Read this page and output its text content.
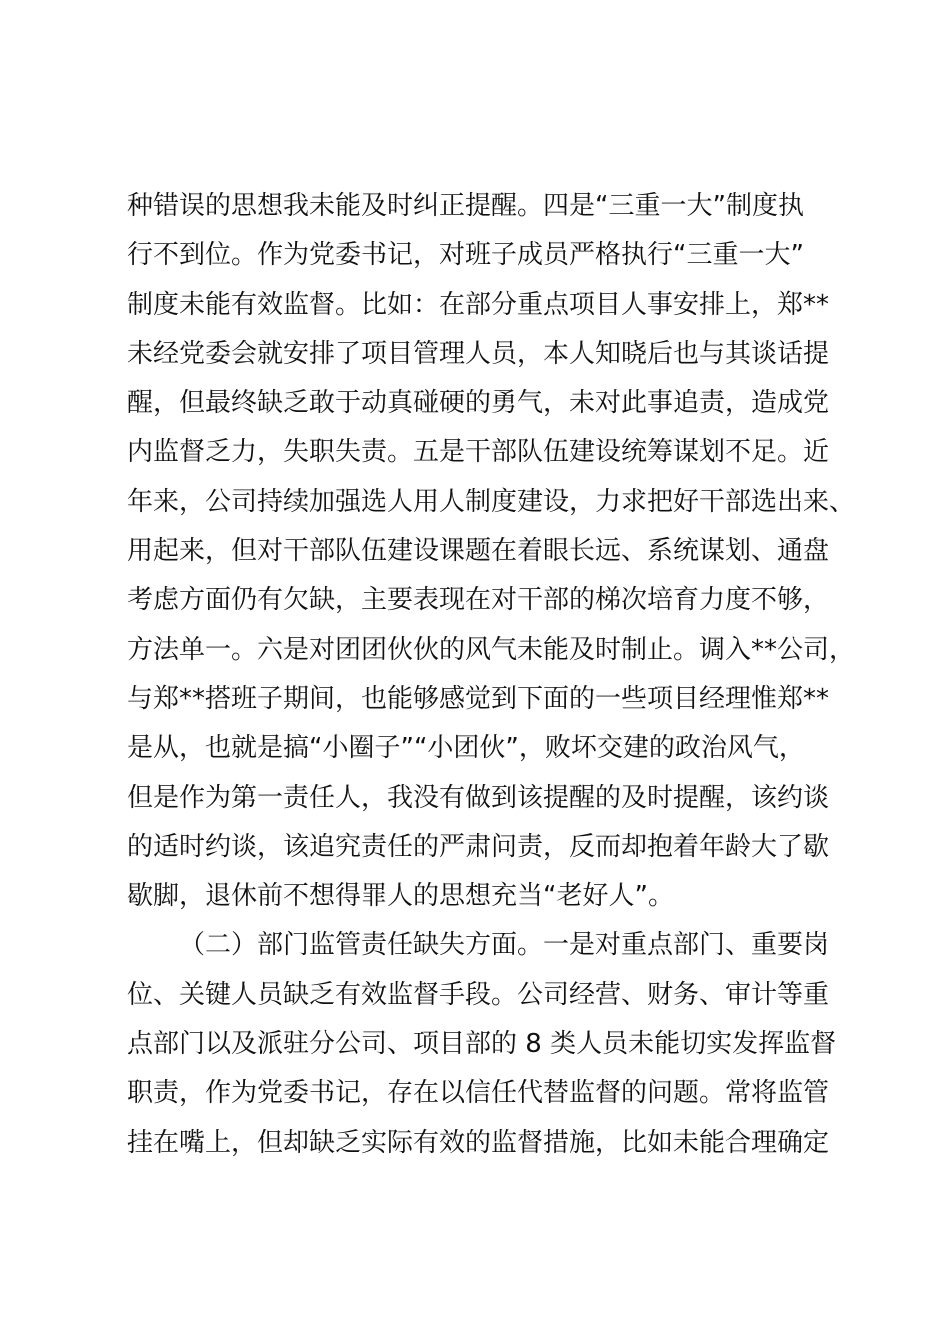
种错误的思想我未能及时纠正提醒。四是“三重一大”制度执
行不到位。作为党委书记，对班子成员严格执行“三重一大”
制度未能有效监督。比如：在部分重点项目人事安排上，郑**
未经党委会就安排了项目管理人员，本人知晓后也与其谈话提
醒，但最终缺乏敢于动真碰硬的勇气，未对此事追责，造成党
内监督乏力，失职失责。五是干部队伍建设统筹谋划不足。近
年来，公司持续加强选人用人制度建设，力求把好干部选出来、
用起来，但对干部队伍建设课题在着眼长远、系统谋划、通盘
考虑方面仍有欠缺，主要表现在对干部的梯次培育力度不够，
方法单一。六是对团团伙伙的风气未能及时制止。调入**公司，
与郑**搭班子期间，也能够感觉到下面的一些项目经理惟郑**
是从，也就是搞“小圈子”“小团伙”，败坏交建的政治风气，
但是作为第一责任人，我没有做到该提醒的及时提醒，该约谈
的适时约谈，该追究责任的严肃问责，反而却抱着年龄大了歇
歇脚，退休前不想得罪人的思想充当“老好人”。
（二）部门监管责任缺失方面。一是对重点部门、重要岗
位、关键人员缺乏有效监督手段。公司经营、财务、审计等重
点部门以及派驻分公司、项目部的 8 类人员未能切实发挥监督
职责，作为党委书记，存在以信任代替监督的问题。常将监管
挂在嘴上，但却缺乏实际有效的监督措施，比如未能合理确定
